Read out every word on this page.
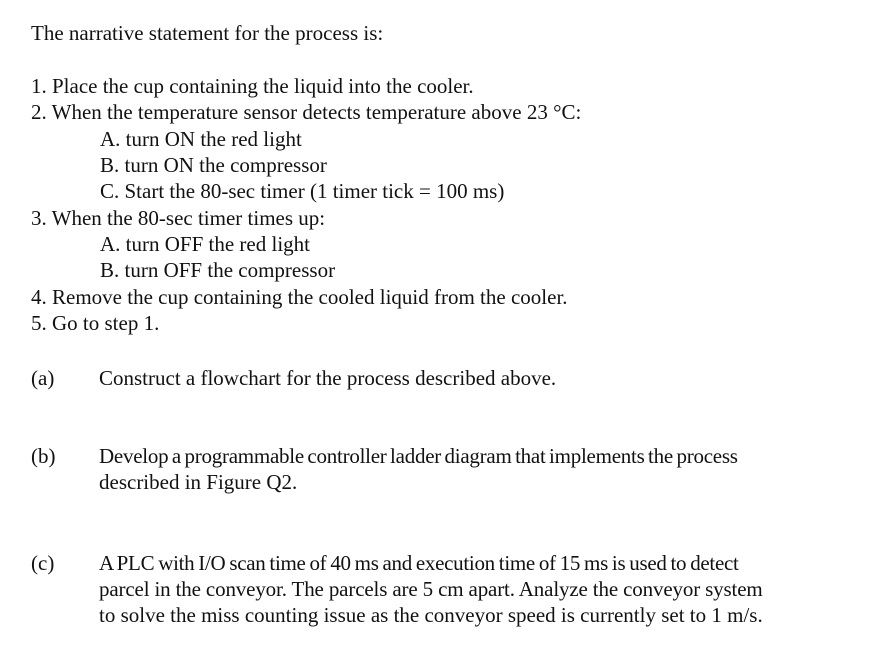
The narrative statement for the process is:
1. Place the cup containing the liquid into the cooler.
2. When the temperature sensor detects temperature above 23 °C:
A. turn ON the red light
B. turn ON the compressor
C. Start the 80-sec timer (1 timer tick = 100 ms)
3. When the 80-sec timer times up:
A. turn OFF the red light
B. turn OFF the compressor
4. Remove the cup containing the cooled liquid from the cooler.
5. Go to step 1.
(a) Construct a flowchart for the process described above.
(b) Develop a programmable controller ladder diagram that implements the process
described in Figure Q2.
(c) A PLC with I/O scan time of 40 ms and execution time of 15 ms is used to detect
parcel in the conveyor. The parcels are 5 cm apart. Analyze the conveyor system
to solve the miss counting issue as the conveyor speed is currently set to 1 m/s.
